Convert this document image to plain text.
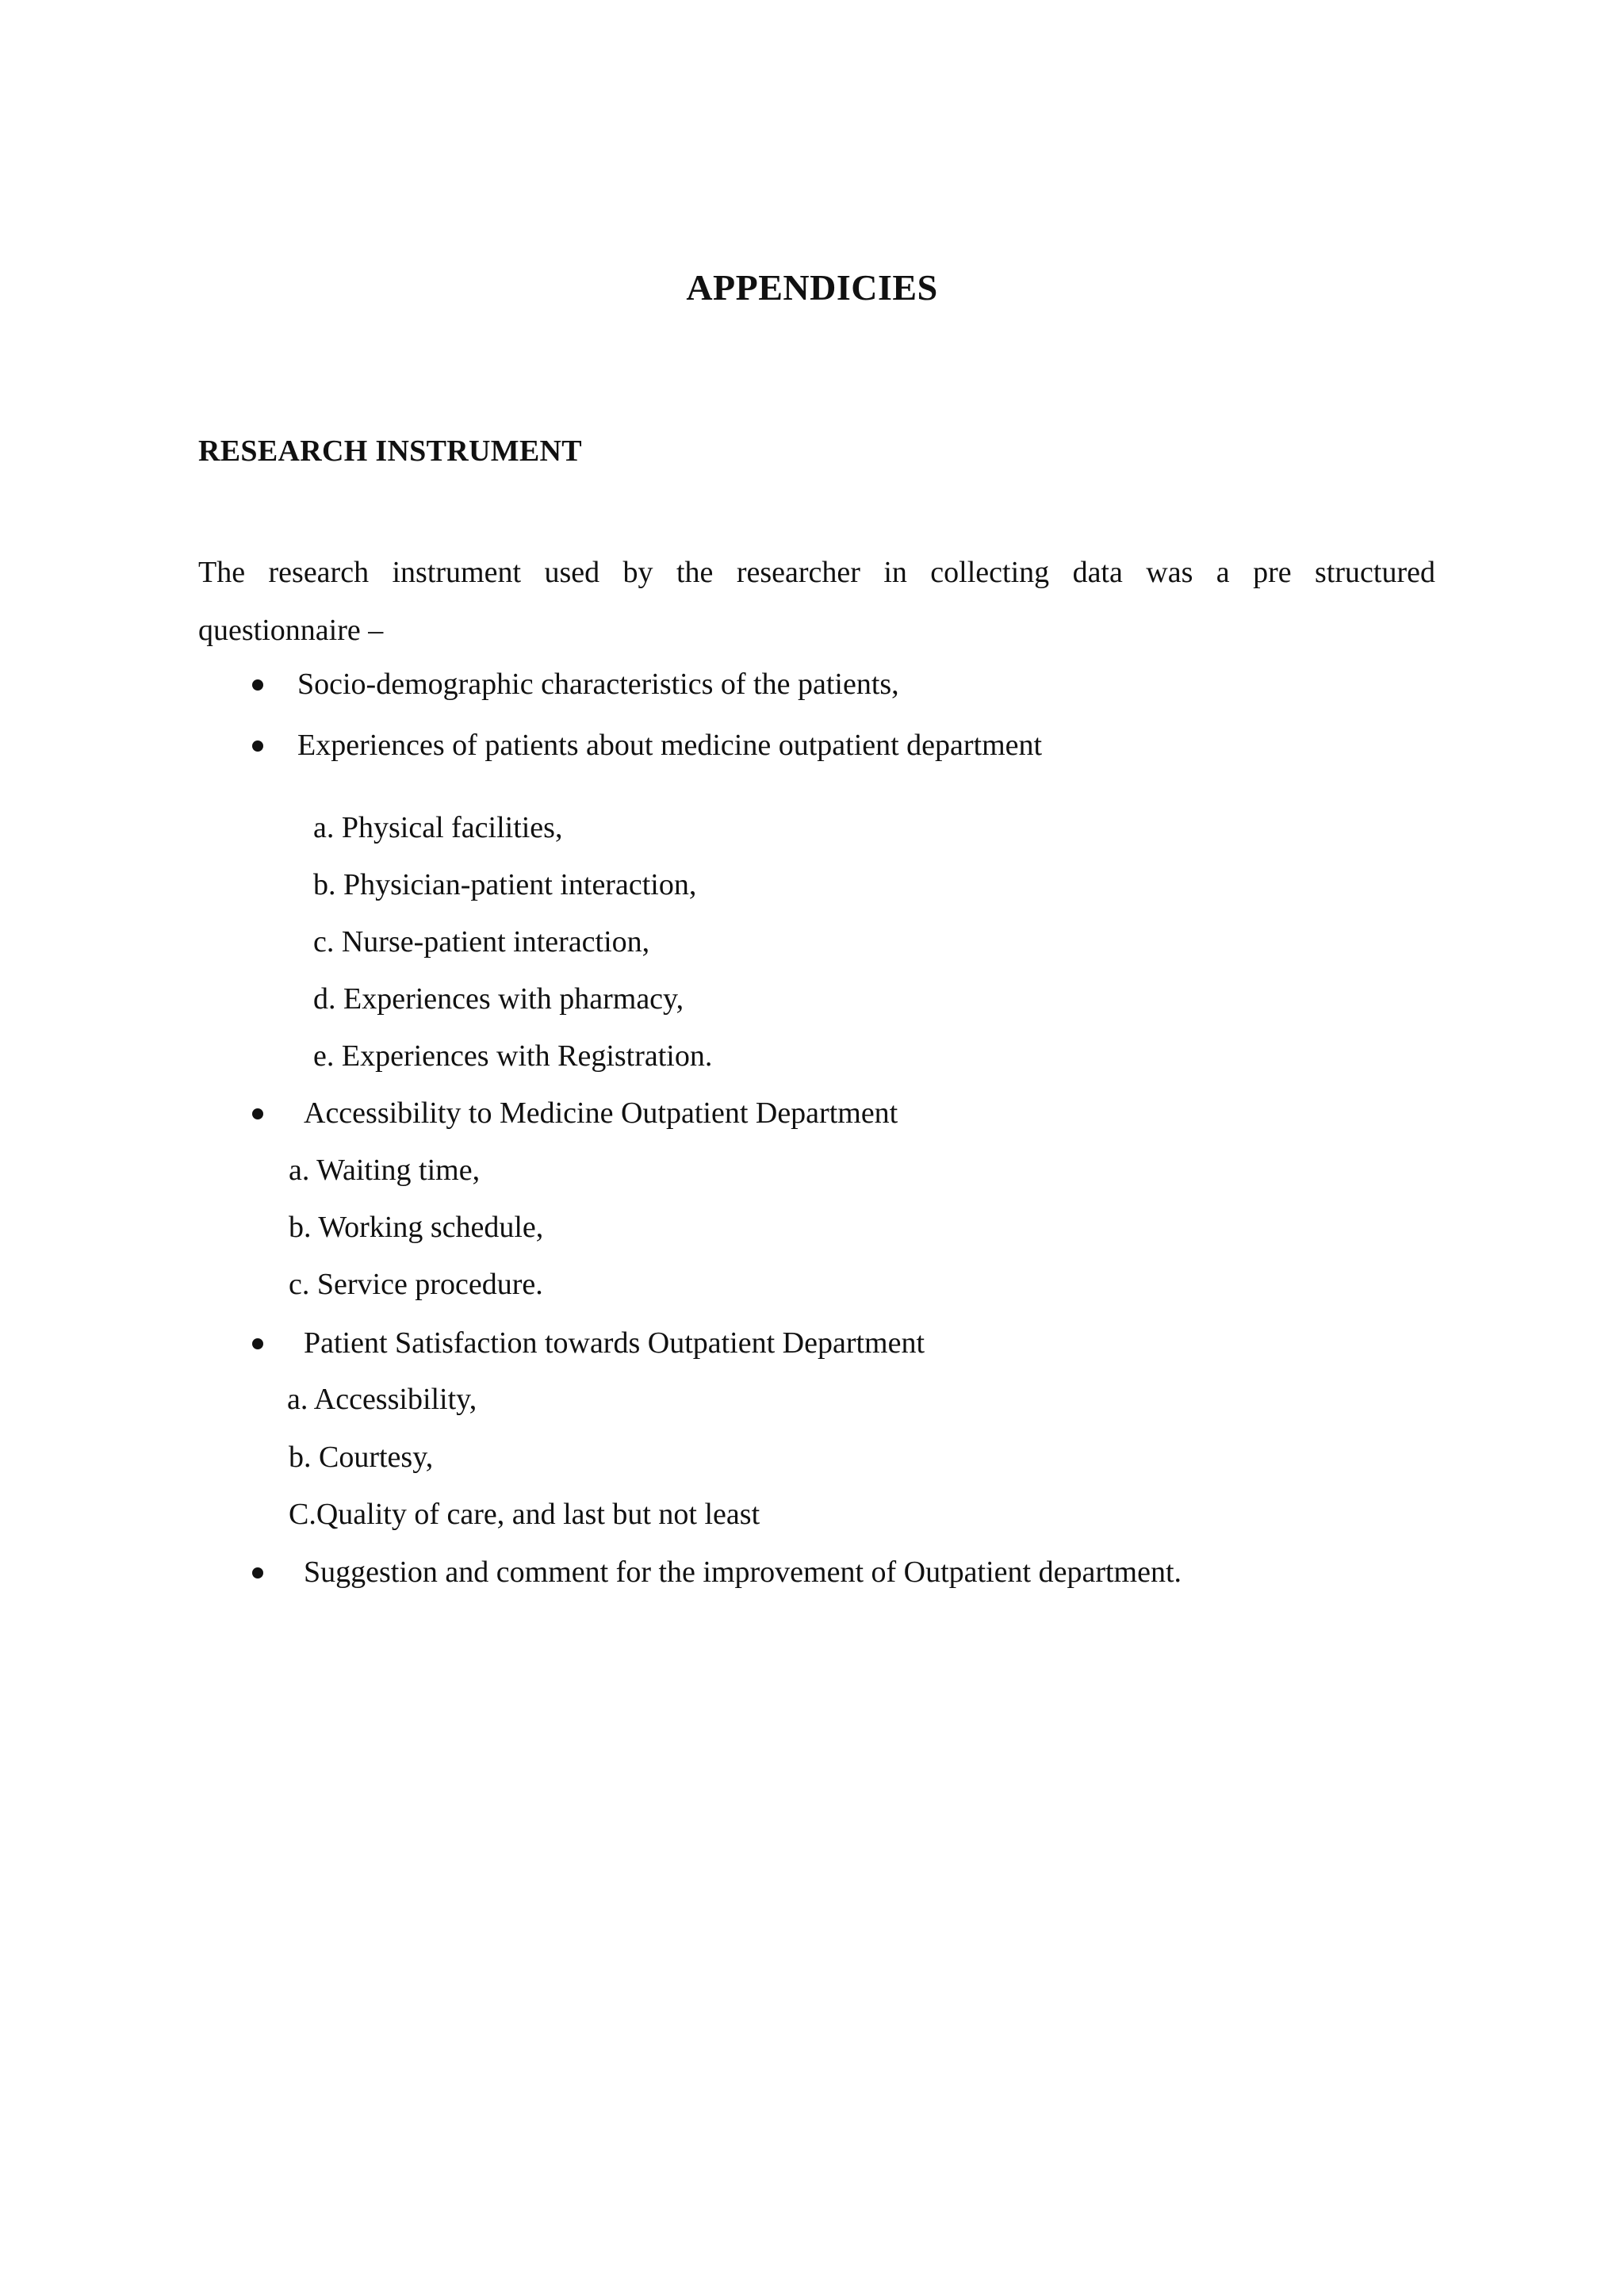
APPENDICIES
RESEARCH INSTRUMENT

The research instrument used by the researcher in collecting data was a pre structured
questionnaire –

Socio-demographic characteristics of the patients,

Experiences of patients about medicine outpatient department

a. Physical facilities,

b. Physician-patient interaction,

c. Nurse-patient interaction,

d. Experiences with pharmacy,

e. Experiences with Registration.

Accessibility to Medicine Outpatient Department

a. Waiting time,

b. Working schedule,

c. Service procedure.

Patient Satisfaction towards Outpatient Department

a. Accessibility,

b. Courtesy,

C.Quality of care, and last but not least

Suggestion and comment for the improvement of Outpatient department.
